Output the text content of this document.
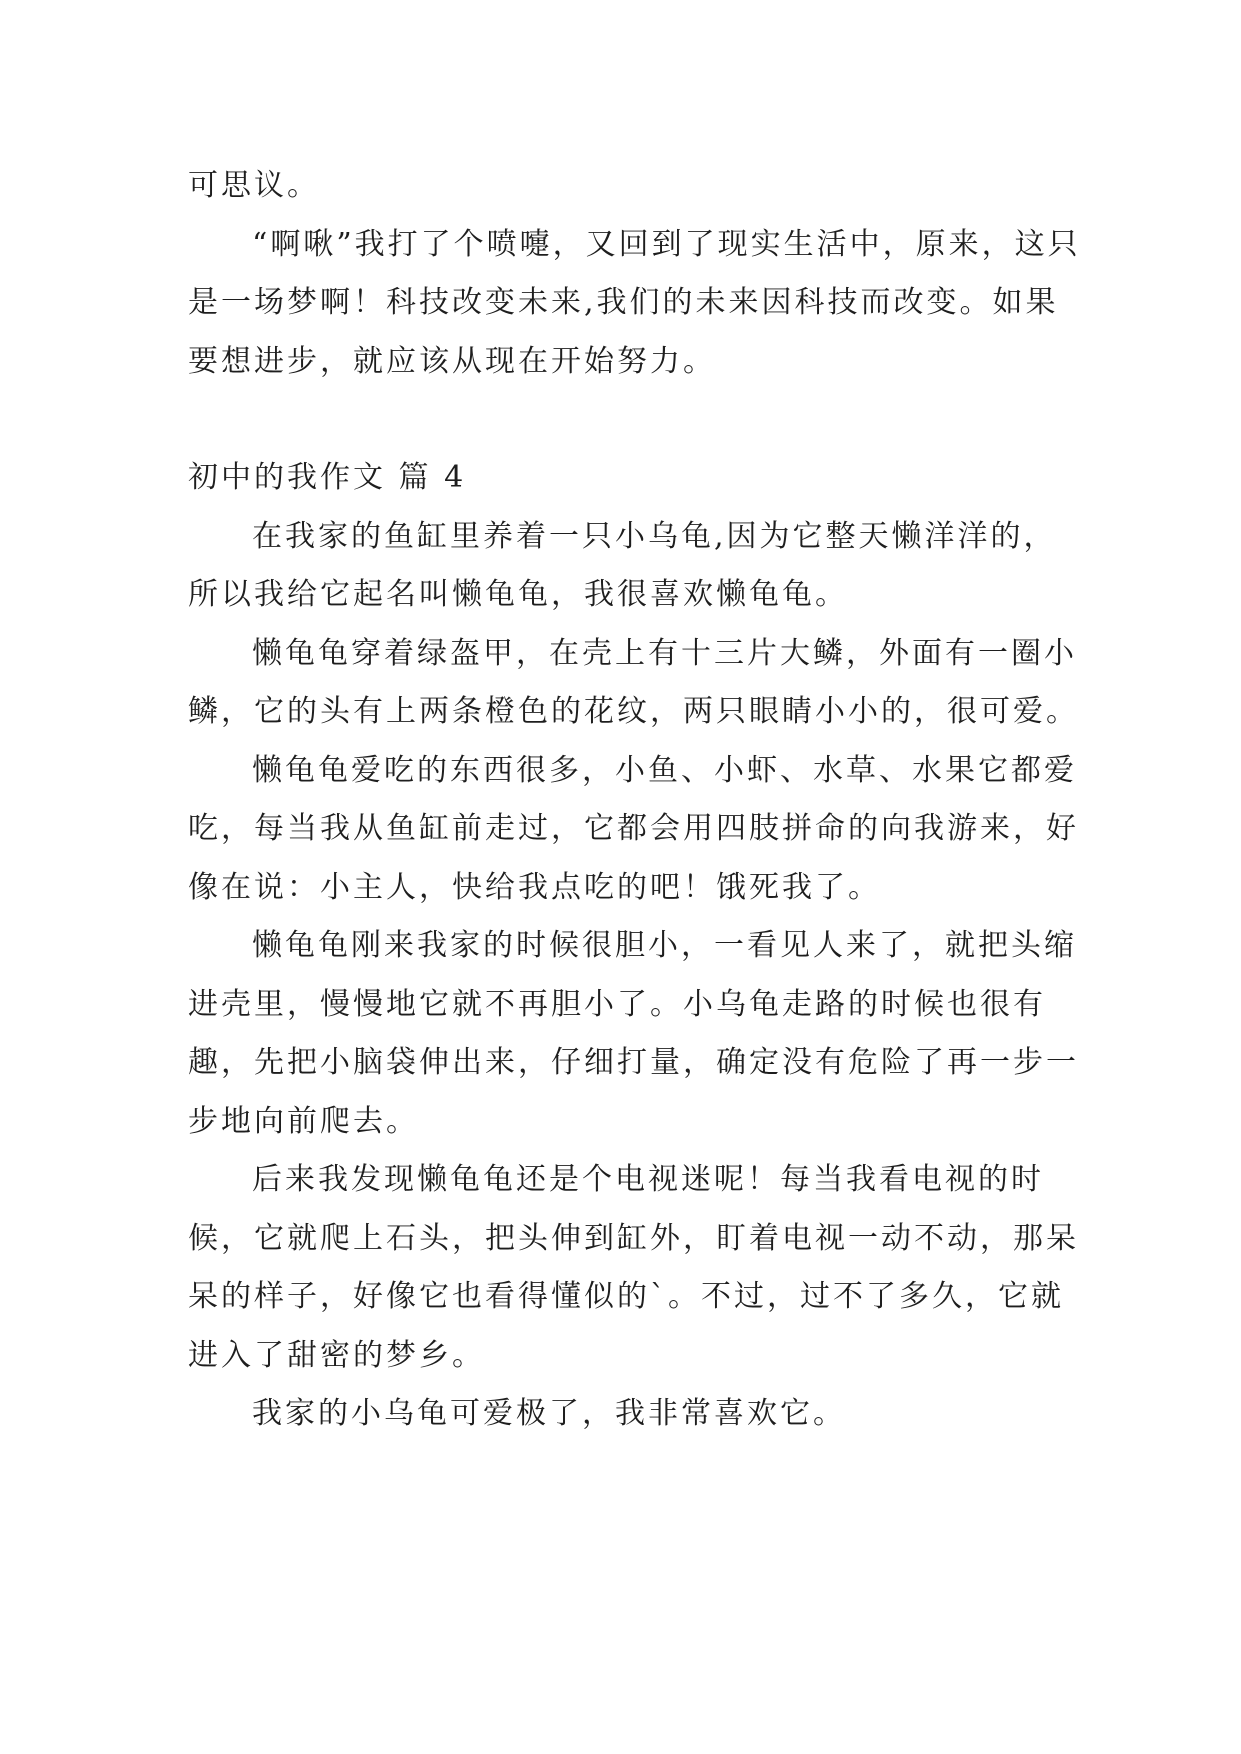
可思议。

“啊啾”我打了个喷嚏，又回到了现实生活中，原来，这只是一场梦啊！科技改变未来,我们的未来因科技而改变。如果要想进步，就应该从现在开始努力。

初中的我作文 篇 4

在我家的鱼缸里养着一只小乌龟,因为它整天懒洋洋的，所以我给它起名叫懒龟龟，我很喜欢懒龟龟。

懒龟龟穿着绿盔甲，在壳上有十三片大鳞，外面有一圈小鳞，它的头有上两条橙色的花纹，两只眼睛小小的，很可爱。

懒龟龟爱吃的东西很多，小鱼、小虾、水草、水果它都爱吃，每当我从鱼缸前走过，它都会用四肢拼命的向我游来，好像在说：小主人，快给我点吃的吧！饿死我了。

懒龟龟刚来我家的时候很胆小，一看见人来了，就把头缩进壳里，慢慢地它就不再胆小了。小乌龟走路的时候也很有趣，先把小脑袋伸出来，仔细打量，确定没有危险了再一步一步地向前爬去。

后来我发现懒龟龟还是个电视迷呢！每当我看电视的时候，它就爬上石头，把头伸到缸外，盯着电视一动不动，那呆呆的样子，好像它也看得懂似的`。不过，过不了多久，它就进入了甜密的梦乡。

我家的小乌龟可爱极了，我非常喜欢它。
